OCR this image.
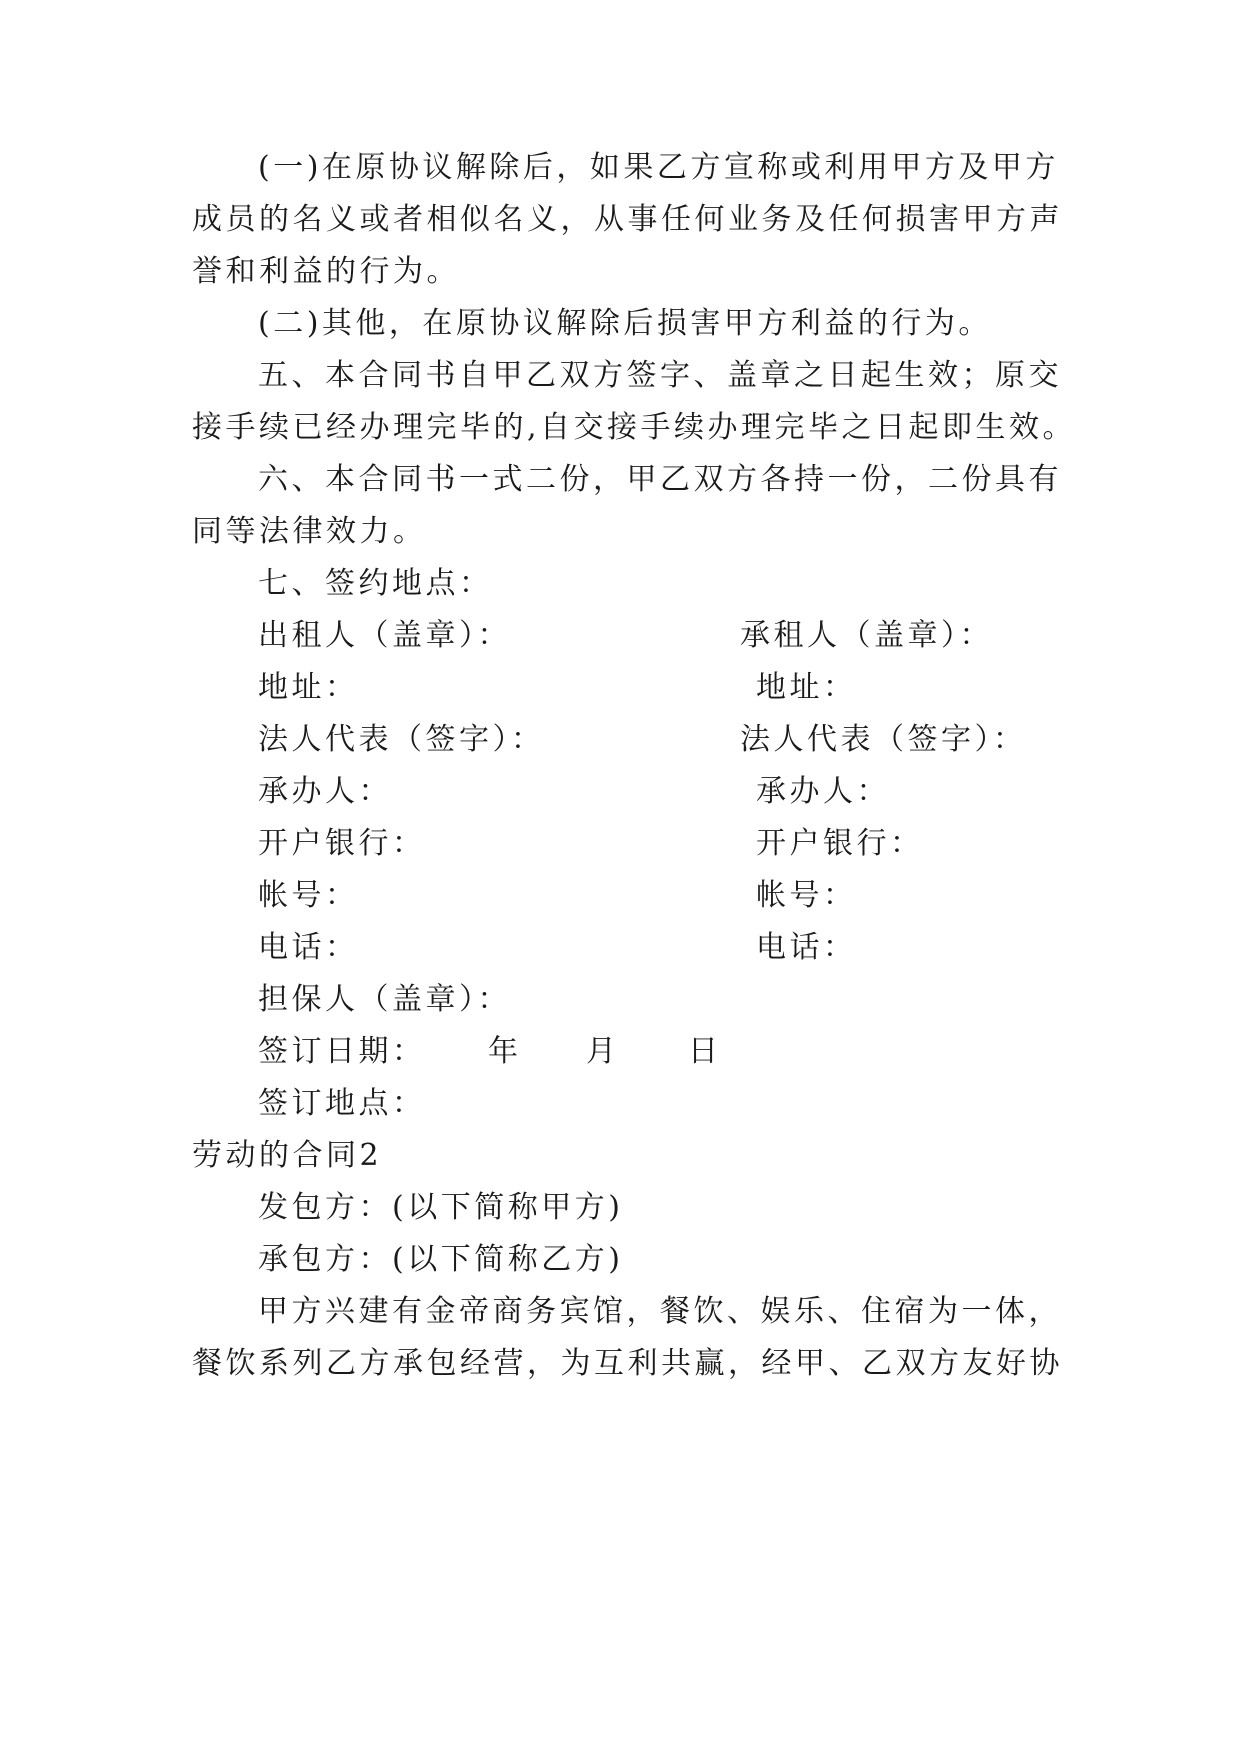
(一)在原协议解除后，如果乙方宣称或利用甲方及甲方
成员的名义或者相似名义，从事任何业务及任何损害甲方声
誉和利益的行为。
(二)其他，在原协议解除后损害甲方利益的行为。
五、本合同书自甲乙双方签字、盖章之日起生效；原交
接手续已经办理完毕的,自交接手续办理完毕之日起即生效。
六、本合同书一式二份，甲乙双方各持一份，二份具有
同等法律效力。
七、签约地点：
出租人（盖章）：	承租人（盖章）：
地址：	地址：
法人代表（签字）：	法人代表（签字）：
承办人：	承办人：
开户银行：	开户银行：
帐号：	帐号：
电话：	电话：
担保人（盖章）：
签订日期： 年 月 日
签订地点：
劳动的合同2
发包方：(以下简称甲方)
承包方：(以下简称乙方)
甲方兴建有金帝商务宾馆，餐饮、娱乐、住宿为一体，
餐饮系列乙方承包经营，为互利共赢，经甲、乙双方友好协
